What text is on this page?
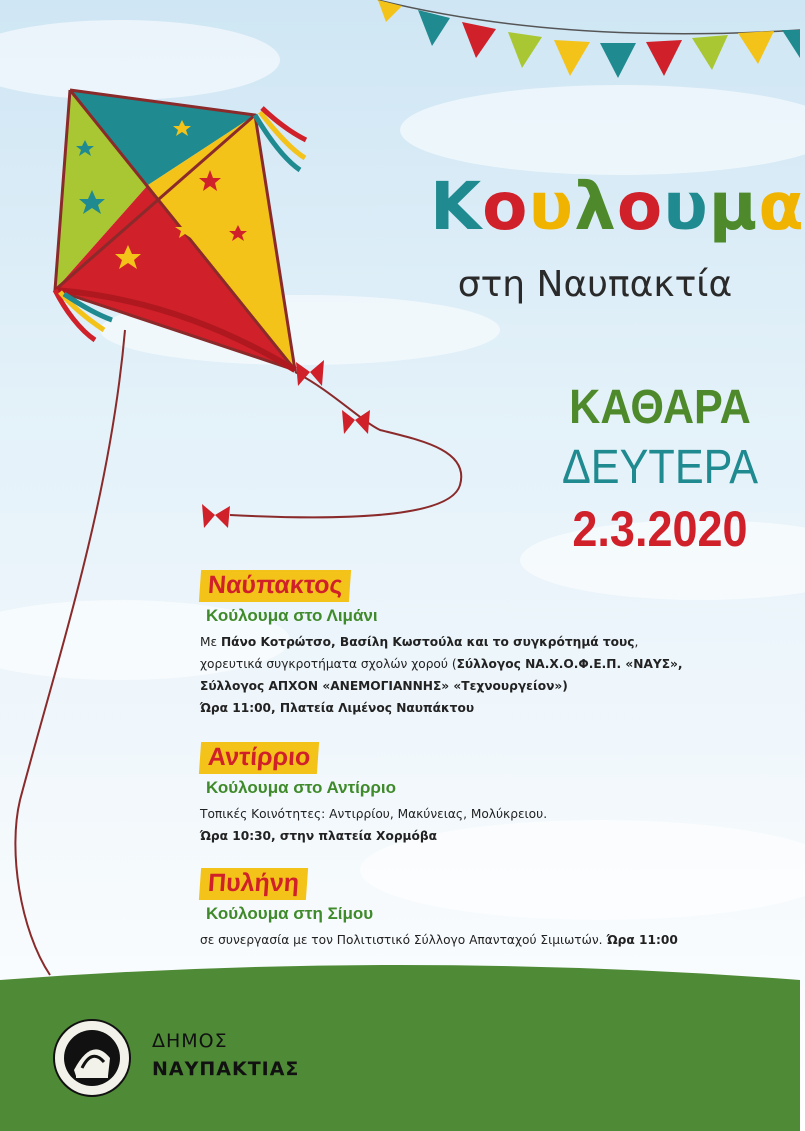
Κουλουμα
στη Ναυπακτία
ΚΑΘΑΡΑ
ΔΕΥΤΕΡΑ
2.3.2020
Ναύπακτος
Κούλουμα στο Λιμάνι
Με Πάνο Κοτρώτσο, Βασίλη Κωστούλα και το συγκρότημά τους,
χορευτικά συγκροτήματα σχολών χορού (Σύλλογος ΝΑ.Χ.Ο.Φ.Ε.Π. «ΝΑΥΣ»,
Σύλλογος ΑΠΧΟΝ «ΑΝΕΜΟΓΙΑΝΝΗΣ» «Τεχνουργείον»)
Ώρα 11:00, Πλατεία Λιμένος Ναυπάκτου
Αντίρριο
Κούλουμα στο Αντίρριο
Τοπικές Κοινότητες: Αντιρρίου, Μακύνειας, Μολύκρειου.
Ώρα 10:30, στην πλατεία Χορμόβα
Πυλήνη
Κούλουμα στη Σίμου
σε συνεργασία με τον Πολιτιστικό Σύλλογο Απανταχού Σιμιωτών. Ώρα 11:00
ΔΗΜΟΣ
ΝΑΥΠΑΚΤΙΑΣ
